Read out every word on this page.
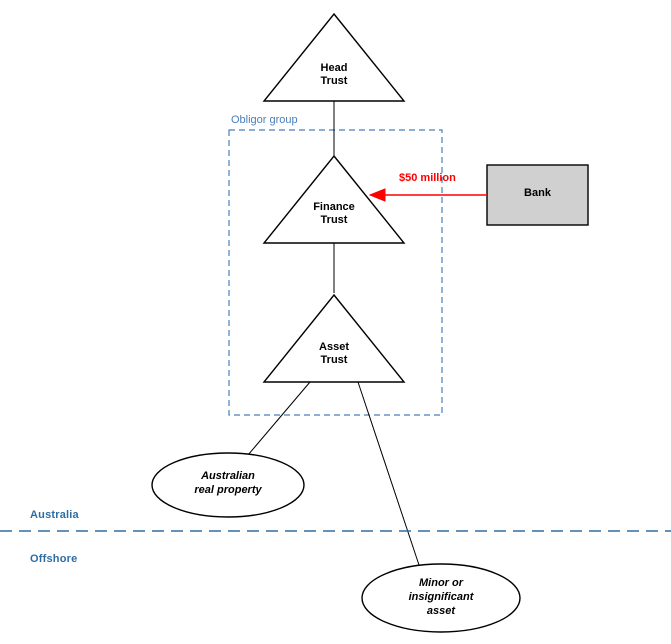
Head
Trust
Finance
Trust
Asset
Trust
Bank
Australian
real property
Minor or
insignificant
asset
Obligor group
$50 million
Australia
Offshore
